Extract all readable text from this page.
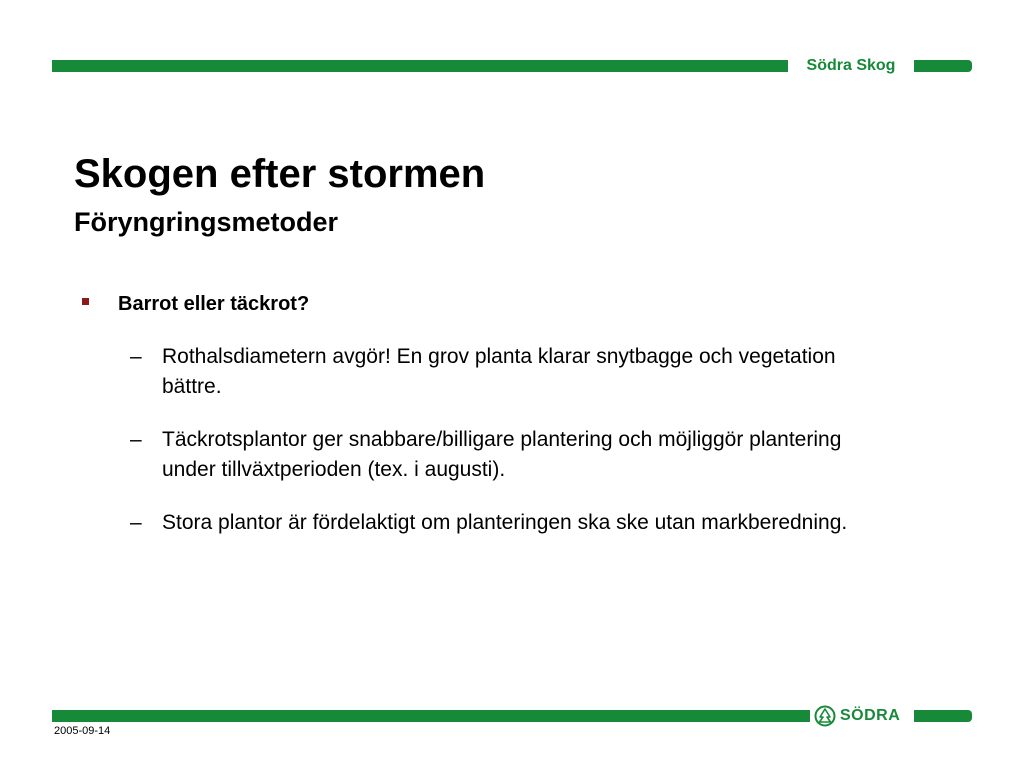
Södra Skog
Skogen efter stormen
Föryngringsmetoder
Barrot eller täckrot?
– Rothalsdiametern avgör! En grov planta klarar snytbagge och vegetation bättre.
– Täckrotsplantor ger snabbare/billigare plantering och möjliggör plantering under tillväxtperioden (tex. i augusti).
– Stora plantor är fördelaktigt om planteringen ska ske utan markberedning.
SÖDRA
2005-09-14
